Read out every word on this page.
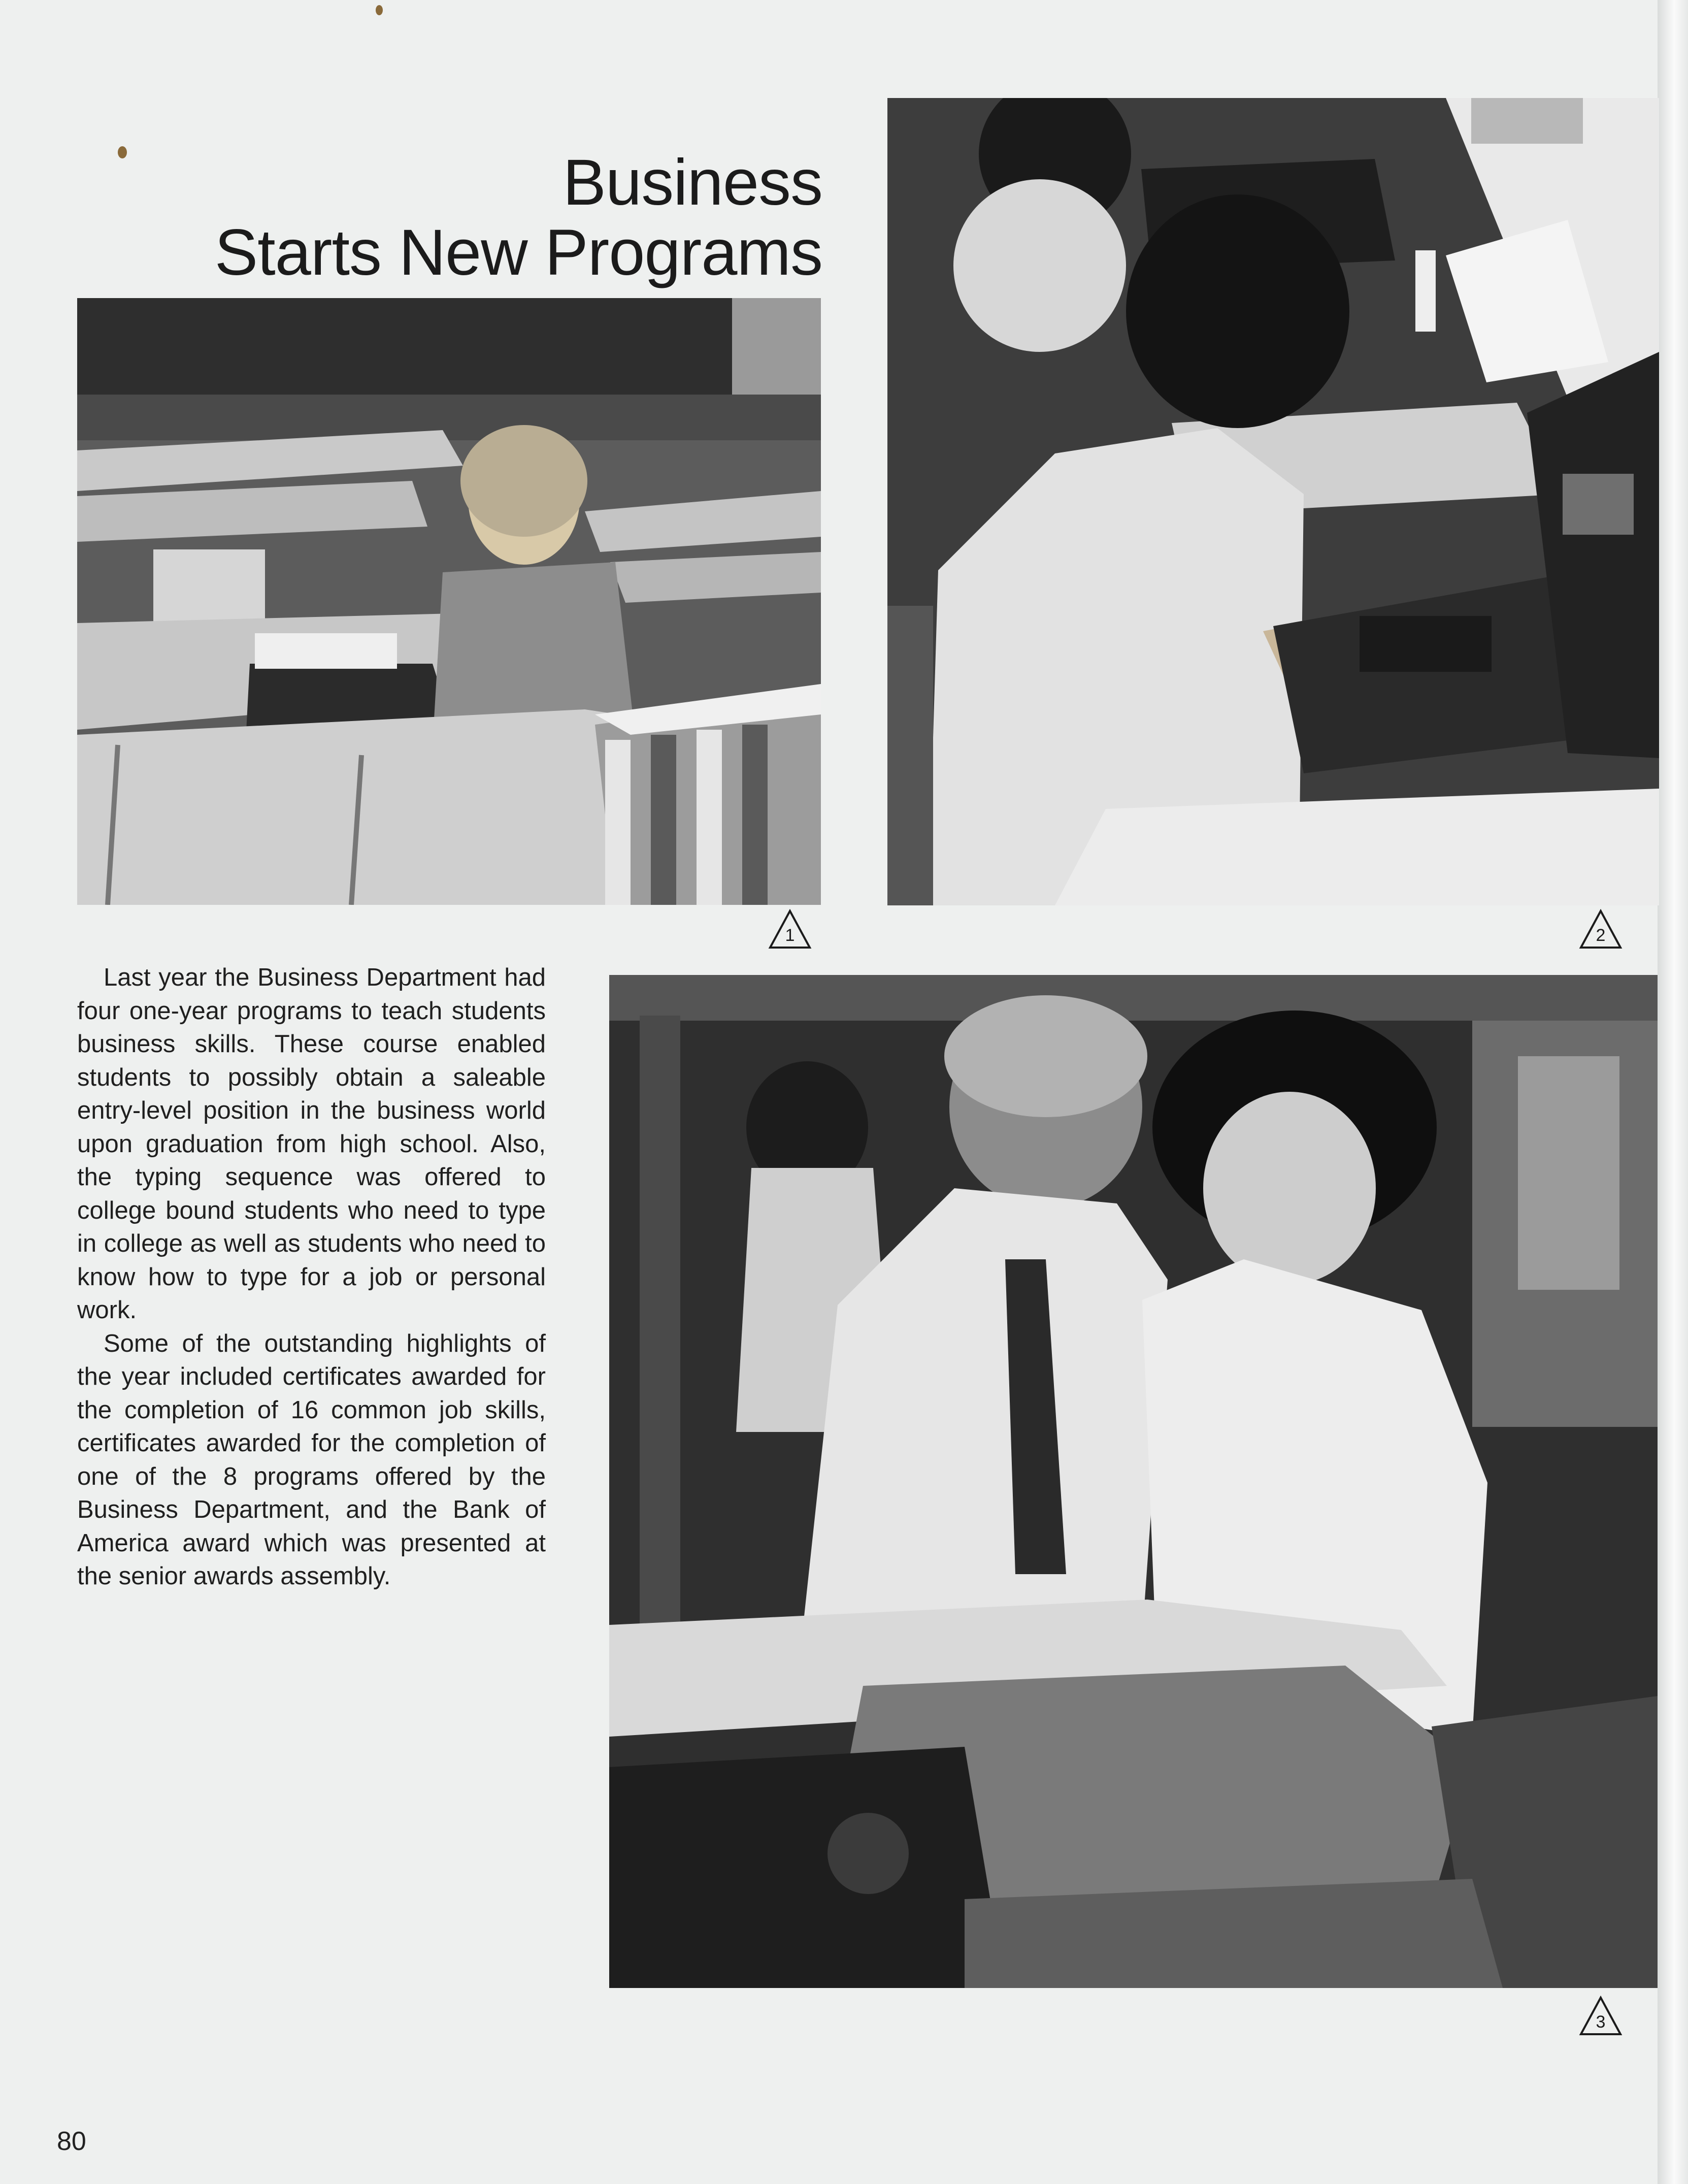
Business
Starts New Programs
1	2
3

Last year the Business Department had four one-year programs to teach students business skills. These course enabled students to possibly obtain a saleable entry-level position in the business world upon graduation from high school. Also, the typing sequence was offered to college bound students who need to type in college as well as students who need to know how to type for a job or personal work.

Some of the outstanding highlights of the year included certificates awarded for the completion of 16 common job skills, certificates awarded for the completion of one of the 8 programs offered by the Business Department, and the Bank of America award which was presented at the senior awards assembly.

80
